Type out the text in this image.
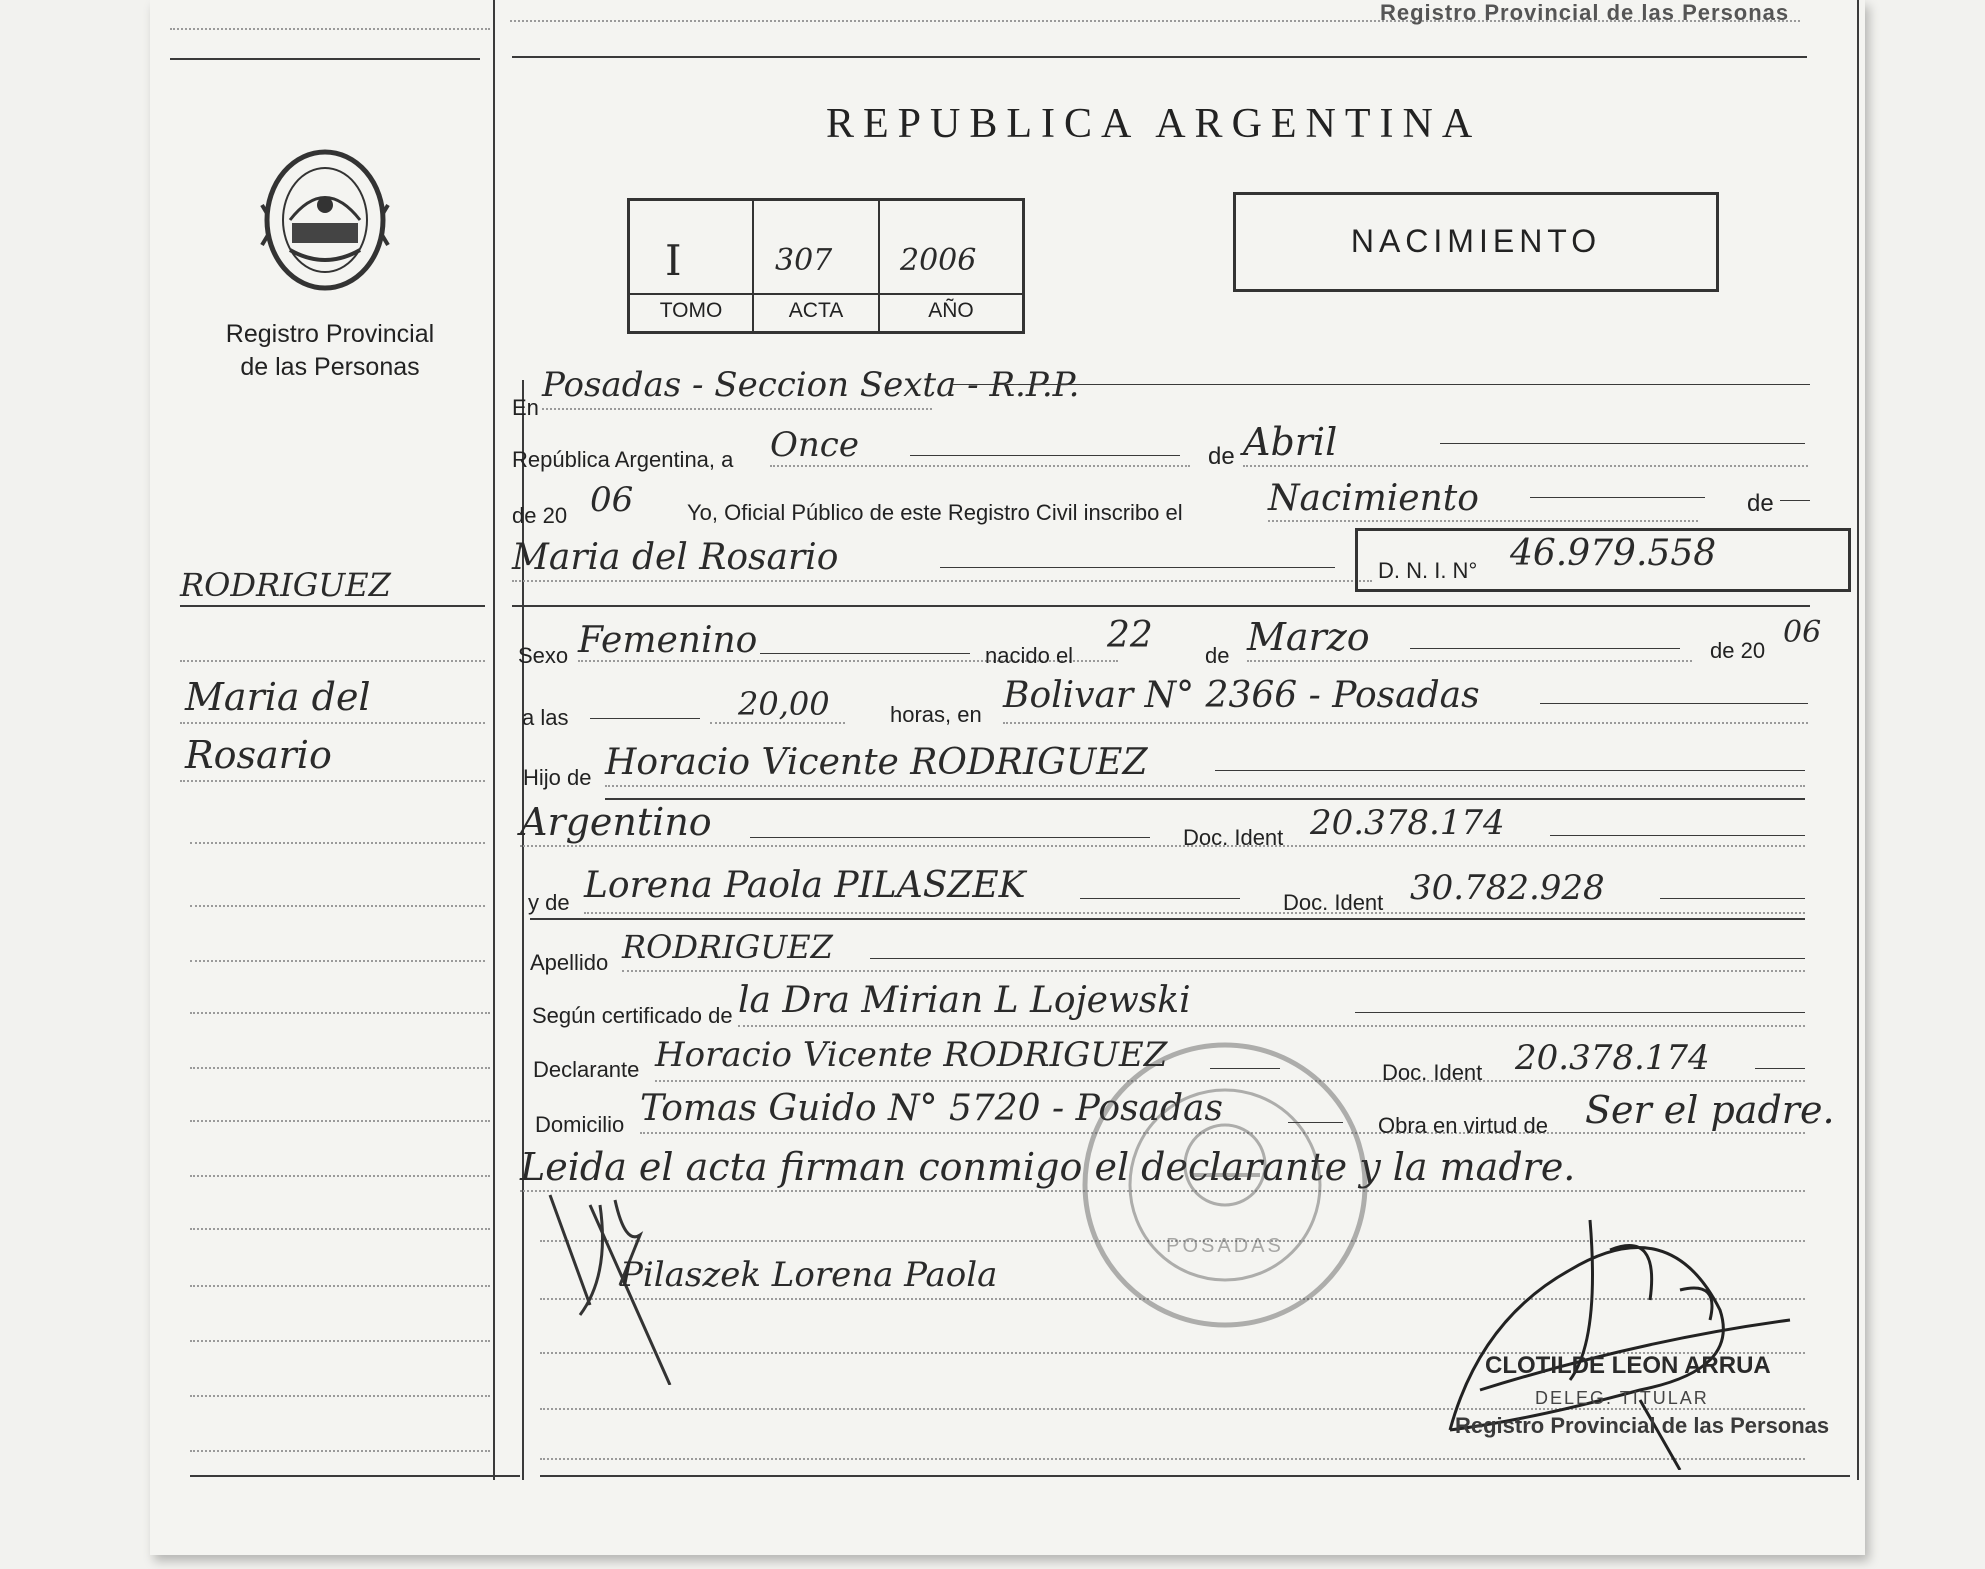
Registro Provincial de las Personas
Registro Provincial
de las Personas
RODRIGUEZ
Maria del
Rosario
REPUBLICA ARGENTINA
I	307 2006
TOMO	ACTA	AÑO
NACIMIENTO
En
Posadas - Seccion Sexta - R.P.P.
República Argentina, a Once	de Abril
de 20 06 Yo, Oficial Público de este Registro Civil inscribo el Nacimiento	de
Maria del Rosario	D. N. I. N° 46.979.558
Sexo Femenino	nacido el 22 de Marzo	de 20
06
a las	20,00	horas, en Bolivar N° 2366 - Posadas
Hijo de Horacio Vicente RODRIGUEZ
Argentino	Doc. Ident 20.378.174
y de Lorena Paola PILASZEK	Doc. Ident 30.782.928
Apellido RODRIGUEZ
Según certificado de la Dra Mirian L Lojewski
Declarante Horacio Vicente RODRIGUEZ	Doc. Ident 20.378.174
Domicilio Tomas Guido N° 5720 - Posadas	Obra en virtud de Ser el padre.
Leida el acta firman conmigo el declarante y la madre.
Pilaszek Lorena Paola
POSADAS
CLOTILDE LEON ARRUA
DELEG. TITULAR
Registro Provincial de las Personas
